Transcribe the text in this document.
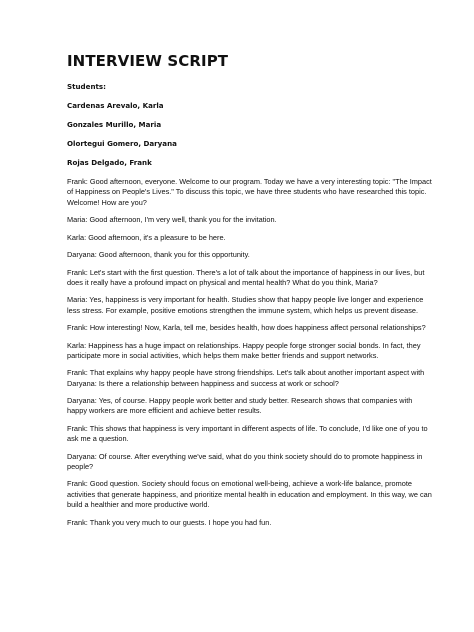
INTERVIEW SCRIPT
Students:
Cardenas Arevalo, Karla
Gonzales Murillo, Maria
Olortegui Gomero, Daryana
Rojas Delgado, Frank

Frank: Good afternoon, everyone. Welcome to our program. Today we have a very interesting topic: "The Impact of Happiness on People's Lives." To discuss this topic, we have three students who have researched this topic. Welcome! How are you?

Maria: Good afternoon, I'm very well, thank you for the invitation.

Karla: Good afternoon, it's a pleasure to be here.

Daryana: Good afternoon, thank you for this opportunity.

Frank: Let's start with the first question. There's a lot of talk about the importance of happiness in our lives, but does it really have a profound impact on physical and mental health? What do you think, Maria?

Maria: Yes, happiness is very important for health. Studies show that happy people live longer and experience less stress. For example, positive emotions strengthen the immune system, which helps us prevent disease.

Frank: How interesting! Now, Karla, tell me, besides health, how does happiness affect personal relationships?

Karla: Happiness has a huge impact on relationships. Happy people forge stronger social bonds. In fact, they participate more in social activities, which helps them make better friends and support networks.

Frank: That explains why happy people have strong friendships. Let's talk about another important aspect with Daryana: Is there a relationship between happiness and success at work or school?

Daryana: Yes, of course. Happy people work better and study better. Research shows that companies with happy workers are more efficient and achieve better results.

Frank: This shows that happiness is very important in different aspects of life. To conclude, I'd like one of you to ask me a question.

Daryana: Of course. After everything we've said, what do you think society should do to promote happiness in people?

Frank: Good question. Society should focus on emotional well-being, achieve a work-life balance, promote activities that generate happiness, and prioritize mental health in education and employment. In this way, we can build a healthier and more productive world.

Frank: Thank you very much to our guests. I hope you had fun.
